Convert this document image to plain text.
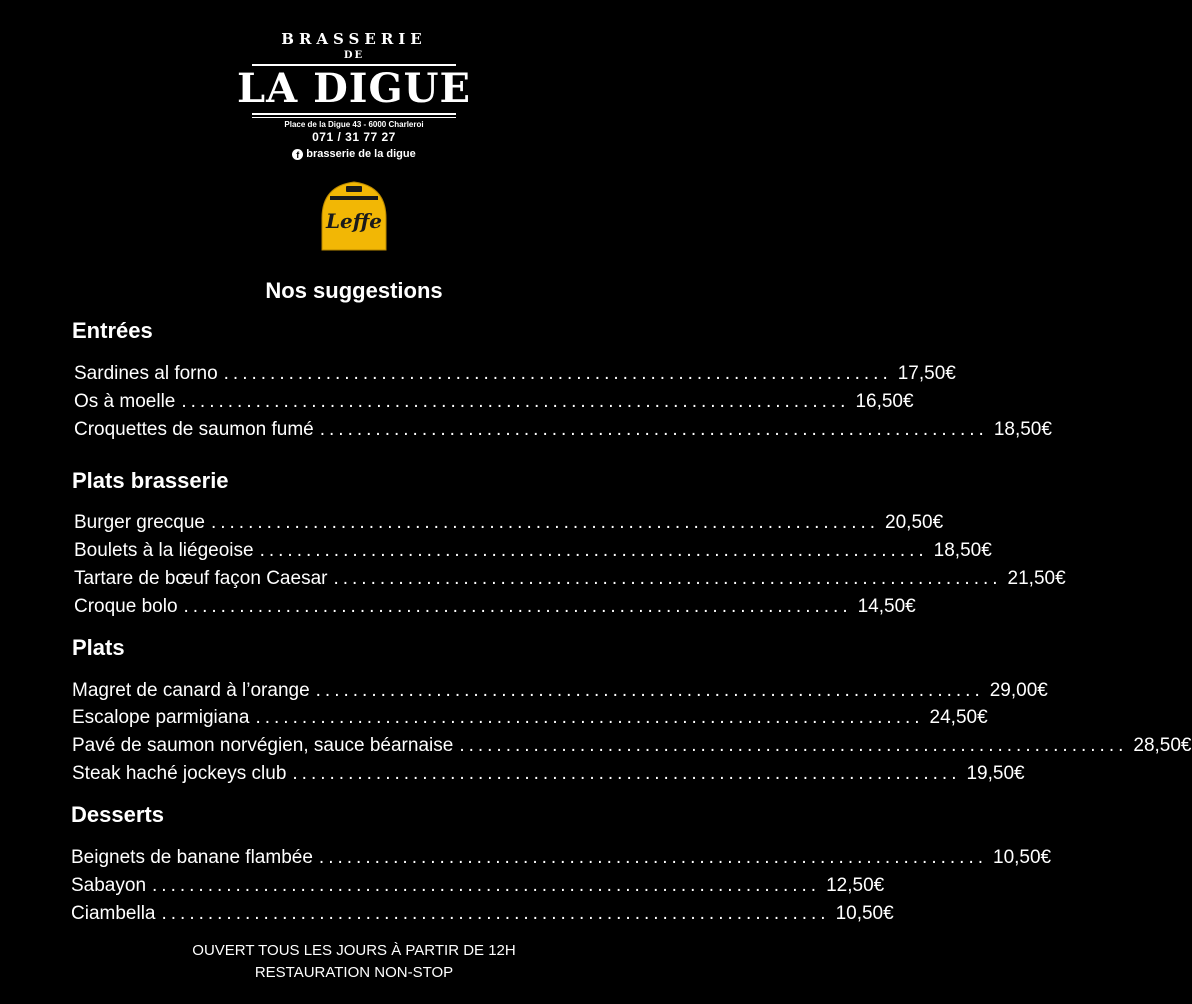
BRASSERIE
DE
LA DIGUE
Place de la Digue 43 - 6000 Charleroi
071 / 31 77 27
f brasserie de la digue
Leffe
Nos suggestions
Entrées
Sardines al forno ........................................................................ 17,50€
Os à moelle ........................................................................ 16,50€
Croquettes de saumon fumé ........................................................................ 18,50€
Plats brasserie
Burger grecque ........................................................................ 20,50€
Boulets à la liégeoise ........................................................................ 18,50€
Tartare de bœuf façon Caesar ........................................................................ 21,50€
Croque bolo ........................................................................ 14,50€
Plats
Magret de canard à l’orange ........................................................................ 29,00€
Escalope parmigiana ........................................................................ 24,50€
Pavé de saumon norvégien, sauce béarnaise ........................................................................ 28,50€
Steak haché jockeys club ........................................................................ 19,50€
Desserts
Beignets de banane flambée ........................................................................ 10,50€
Sabayon ........................................................................ 12,50€
Ciambella ........................................................................ 10,50€
OUVERT TOUS LES JOURS À PARTIR DE 12H
RESTAURATION NON-STOP
